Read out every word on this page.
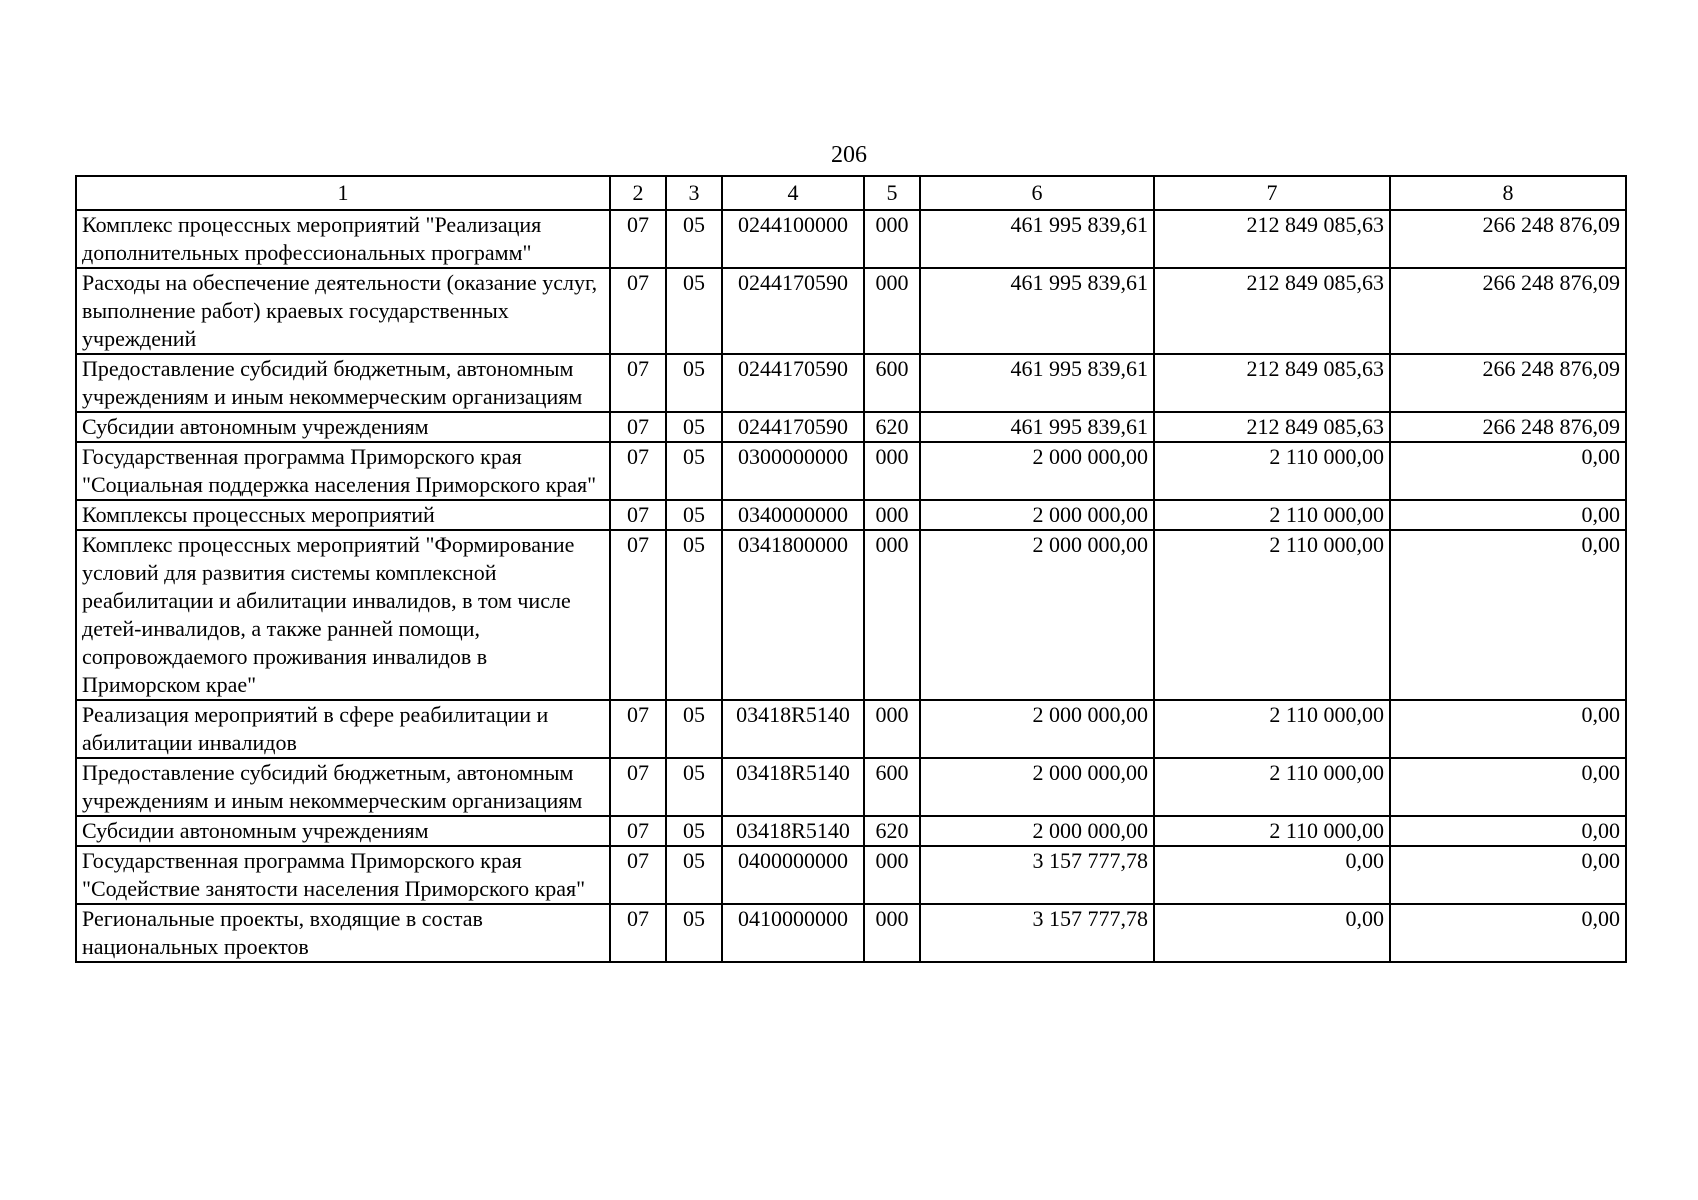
206
1	2	3	4	5	6	7	8
Комплекс процессных мероприятий "Реализация дополнительных профессиональных программ"	07	05	0244100000	000	461 995 839,61	212 849 085,63	266 248 876,09
Расходы на обеспечение деятельности (оказание услуг, выполнение работ) краевых государственных учреждений	07	05	0244170590	000	461 995 839,61	212 849 085,63	266 248 876,09
Предоставление субсидий бюджетным, автономным учреждениям и иным некоммерческим организациям	07	05	0244170590	600	461 995 839,61	212 849 085,63	266 248 876,09
Субсидии автономным учреждениям	07	05	0244170590	620	461 995 839,61	212 849 085,63	266 248 876,09
Государственная программа Приморского края "Социальная поддержка населения Приморского края"	07	05	0300000000	000	2 000 000,00	2 110 000,00	0,00
Комплексы процессных мероприятий	07	05	0340000000	000	2 000 000,00	2 110 000,00	0,00
Комплекс процессных мероприятий "Формирование условий для развития системы комплексной реабилитации и абилитации инвалидов, в том числе детей-инвалидов, а также ранней помощи, сопровождаемого проживания инвалидов в Приморском крае"	07	05	0341800000	000	2 000 000,00	2 110 000,00	0,00
Реализация мероприятий в сфере реабилитации и абилитации инвалидов	07	05	03418R5140	000	2 000 000,00	2 110 000,00	0,00
Предоставление субсидий бюджетным, автономным учреждениям и иным некоммерческим организациям	07	05	03418R5140	600	2 000 000,00	2 110 000,00	0,00
Субсидии автономным учреждениям	07	05	03418R5140	620	2 000 000,00	2 110 000,00	0,00
Государственная программа Приморского края "Содействие занятости населения Приморского края"	07	05	0400000000	000	3 157 777,78	0,00	0,00
Региональные проекты, входящие в состав национальных проектов	07	05	0410000000	000	3 157 777,78	0,00	0,00
